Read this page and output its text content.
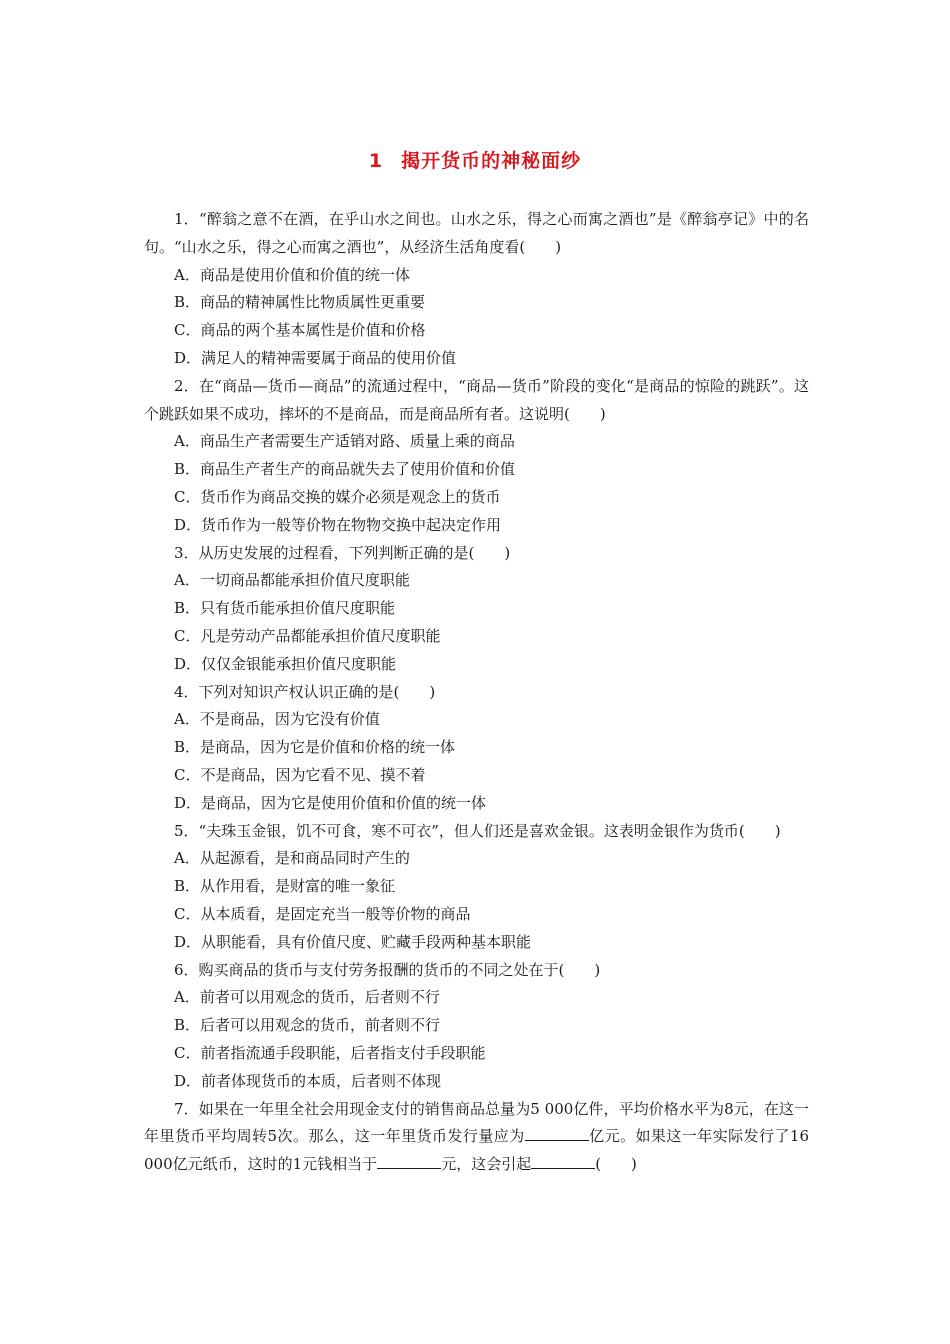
1 揭开货币的神秘面纱

1．“醉翁之意不在酒，在乎山水之间也。山水之乐，得之心而寓之酒也”是《醉翁亭记》中的名句。“山水之乐，得之心而寓之酒也”，从经济生活角度看(　　)

A．商品是使用价值和价值的统一体

B．商品的精神属性比物质属性更重要

C．商品的两个基本属性是价值和价格

D．满足人的精神需要属于商品的使用价值

2．在“商品—货币—商品”的流通过程中，“商品—货币”阶段的变化“是商品的惊险的跳跃”。这个跳跃如果不成功，摔坏的不是商品，而是商品所有者。这说明(　　)

A．商品生产者需要生产适销对路、质量上乘的商品

B．商品生产者生产的商品就失去了使用价值和价值

C．货币作为商品交换的媒介必须是观念上的货币

D．货币作为一般等价物在物物交换中起决定作用

3．从历史发展的过程看，下列判断正确的是(　　)

A．一切商品都能承担价值尺度职能

B．只有货币能承担价值尺度职能

C．凡是劳动产品都能承担价值尺度职能

D．仅仅金银能承担价值尺度职能

4．下列对知识产权认识正确的是(　　)

A．不是商品，因为它没有价值

B．是商品，因为它是价值和价格的统一体

C．不是商品，因为它看不见、摸不着

D．是商品，因为它是使用价值和价值的统一体

5．“夫珠玉金银，饥不可食，寒不可衣”，但人们还是喜欢金银。这表明金银作为货币(　　)

A．从起源看，是和商品同时产生的

B．从作用看，是财富的唯一象征

C．从本质看，是固定充当一般等价物的商品

D．从职能看，具有价值尺度、贮藏手段两种基本职能

6．购买商品的货币与支付劳务报酬的货币的不同之处在于(　　)

A．前者可以用观念的货币，后者则不行

B．后者可以用观念的货币，前者则不行

C．前者指流通手段职能，后者指支付手段职能

D．前者体现货币的本质，后者则不体现

7．如果在一年里全社会用现金支付的销售商品总量为5 000亿件，平均价格水平为8元，在这一年里货币平均周转5次。那么，这一年里货币发行量应为	亿元。如果这一年实际发行了16 000亿元纸币，这时的1元钱相当于	元，这会引起	(　　)
